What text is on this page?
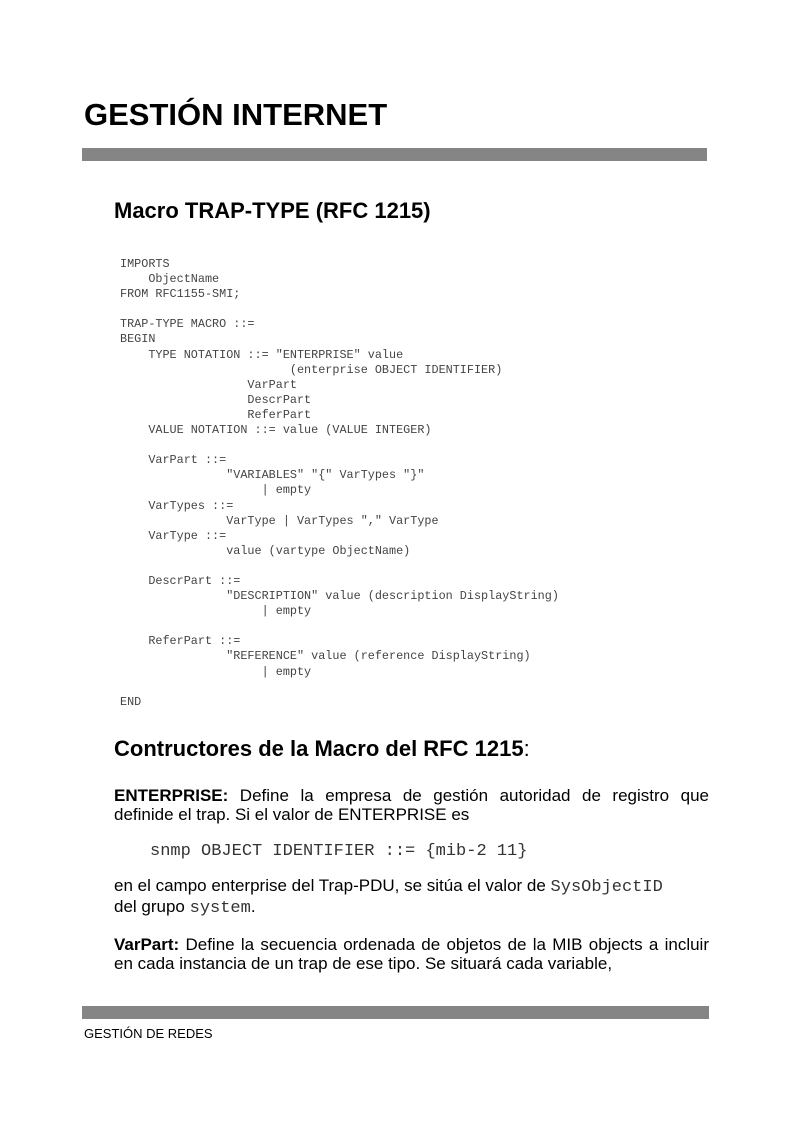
GESTIÓN INTERNET
Macro TRAP-TYPE (RFC 1215)
IMPORTS
ObjectName
FROM RFC1155-SMI;

TRAP-TYPE MACRO ::=
BEGIN
TYPE NOTATION ::= "ENTERPRISE" value
(enterprise OBJECT IDENTIFIER)
VarPart
DescrPart
ReferPart
VALUE NOTATION ::= value (VALUE INTEGER)

VarPart ::=
"VARIABLES" "{" VarTypes "}"
| empty
VarTypes ::=
VarType | VarTypes "," VarType
VarType ::=
value (vartype ObjectName)

DescrPart ::=
"DESCRIPTION" value (description DisplayString)
| empty

ReferPart ::=
"REFERENCE" value (reference DisplayString)
| empty

END
Contructores de la Macro del RFC 1215:

ENTERPRISE: Define la empresa de gestión autoridad de registro que definide el trap. Si el valor de ENTERPRISE es

snmp OBJECT IDENTIFIER ::= {mib-2 11}

en el campo enterprise del Trap-PDU, se sitúa el valor de SysObjectID
del grupo system.

VarPart: Define la secuencia ordenada de objetos de la MIB objects a incluir en cada instancia de un trap de ese tipo. Se situará cada variable,

GESTIÓN DE REDES
